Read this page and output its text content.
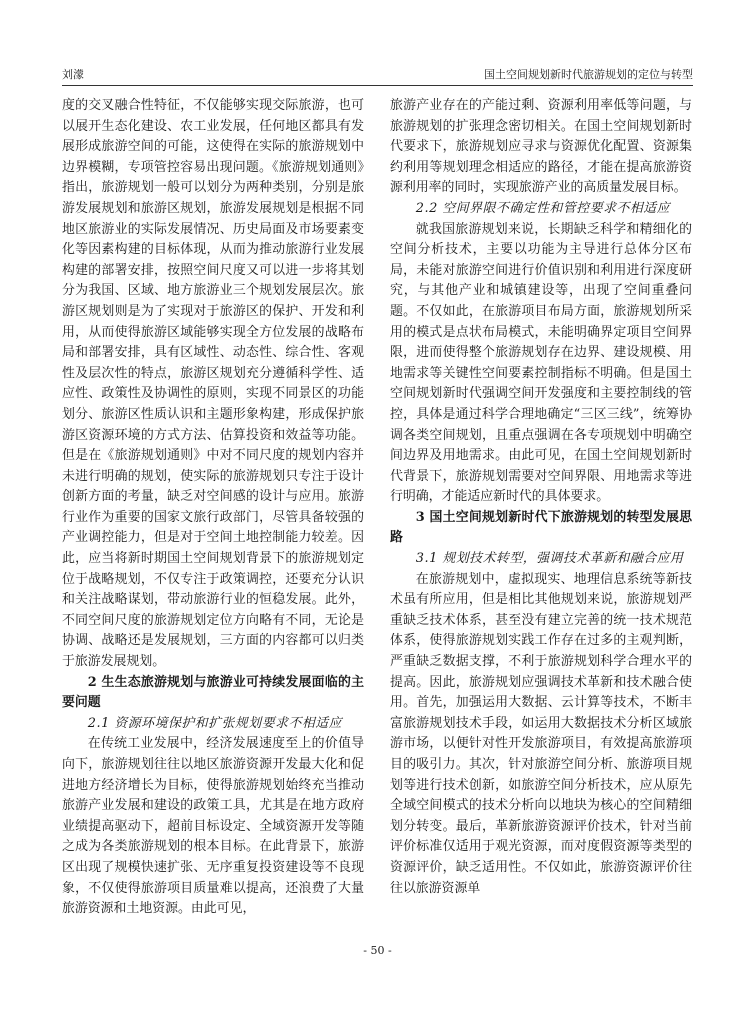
刘濛	国土空间规划新时代旅游规划的定位与转型

度的交叉融合性特征，不仅能够实现交际旅游，也可以展开生态化建设、农工业发展，任何地区都具有发展形成旅游空间的可能，这使得在实际的旅游规划中边界模糊，专项管控容易出现问题。《旅游规划通则》指出，旅游规划一般可以划分为两种类别，分别是旅游发展规划和旅游区规划，旅游发展规划是根据不同地区旅游业的实际发展情况、历史局面及市场要素变化等因素构建的目标体现，从而为推动旅游行业发展构建的部署安排，按照空间尺度又可以进一步将其划分为我国、区域、地方旅游业三个规划发展层次。旅游区规划则是为了实现对于旅游区的保护、开发和利用，从而使得旅游区域能够实现全方位发展的战略布局和部署安排，具有区域性、动态性、综合性、客观性及层次性的特点，旅游区规划充分遵循科学性、适应性、政策性及协调性的原则，实现不同景区的功能划分、旅游区性质认识和主题形象构建，形成保护旅游区资源环境的方式方法、估算投资和效益等功能。但是在《旅游规划通则》中对不同尺度的规划内容并未进行明确的规划，使实际的旅游规划只专注于设计创新方面的考量，缺乏对空间感的设计与应用。旅游行业作为重要的国家文旅行政部门，尽管具备较强的产业调控能力，但是对于空间土地控制能力较差。因此，应当将新时期国土空间规划背景下的旅游规划定位于战略规划，不仅专注于政策调控，还要充分认识和关注战略谋划，带动旅游行业的恒稳发展。此外，不同空间尺度的旅游规划定位方向略有不同，无论是协调、战略还是发展规划，三方面的内容都可以归类于旅游发展规划。

2 生生态旅游规划与旅游业可持续发展面临的主要问题

2.1 资源环境保护和扩张规划要求不相适应

在传统工业发展中，经济发展速度至上的价值导向下，旅游规划往往以地区旅游资源开发最大化和促进地方经济增长为目标，使得旅游规划始终充当推动旅游产业发展和建设的政策工具，尤其是在地方政府业绩提高驱动下，超前目标设定、全域资源开发等随之成为各类旅游规划的根本目标。在此背景下，旅游区出现了规模快速扩张、无序重复投资建设等不良现象，不仅使得旅游项目质量难以提高，还浪费了大量旅游资源和土地资源。由此可见，

旅游产业存在的产能过剩、资源利用率低等问题，与旅游规划的扩张理念密切相关。在国土空间规划新时代要求下，旅游规划应寻求与资源优化配置、资源集约利用等规划理念相适应的路径，才能在提高旅游资源利用率的同时，实现旅游产业的高质量发展目标。

2.2 空间界限不确定性和管控要求不相适应

就我国旅游规划来说，长期缺乏科学和精细化的空间分析技术，主要以功能为主导进行总体分区布局，未能对旅游空间进行价值识别和利用进行深度研究，与其他产业和城镇建设等，出现了空间重叠问题。不仅如此，在旅游项目布局方面，旅游规划所采用的模式是点状布局模式，未能明确界定项目空间界限，进而使得整个旅游规划存在边界、建设规模、用地需求等关键性空间要素控制指标不明确。但是国土空间规划新时代强调空间开发强度和主要控制线的管控，具体是通过科学合理地确定“三区三线”，统筹协调各类空间规划，且重点强调在各专项规划中明确空间边界及用地需求。由此可见，在国土空间规划新时代背景下，旅游规划需要对空间界限、用地需求等进行明确，才能适应新时代的具体要求。

3 国土空间规划新时代下旅游规划的转型发展思路

3.1 规划技术转型，强调技术革新和融合应用

在旅游规划中，虚拟现实、地理信息系统等新技术虽有所应用，但是相比其他规划来说，旅游规划严重缺乏技术体系，甚至没有建立完善的统一技术规范体系，使得旅游规划实践工作存在过多的主观判断，严重缺乏数据支撑，不利于旅游规划科学合理水平的提高。因此，旅游规划应强调技术革新和技术融合使用。首先，加强运用大数据、云计算等技术，不断丰富旅游规划技术手段，如运用大数据技术分析区域旅游市场，以便针对性开发旅游项目，有效提高旅游项目的吸引力。其次，针对旅游空间分析、旅游项目规划等进行技术创新，如旅游空间分析技术，应从原先全域空间模式的技术分析向以地块为核心的空间精细划分转变。最后，革新旅游资源评价技术，针对当前评价标准仅适用于观光资源，而对度假资源等类型的资源评价，缺乏适用性。不仅如此，旅游资源评价往往以旅游资源单

- 50 -
